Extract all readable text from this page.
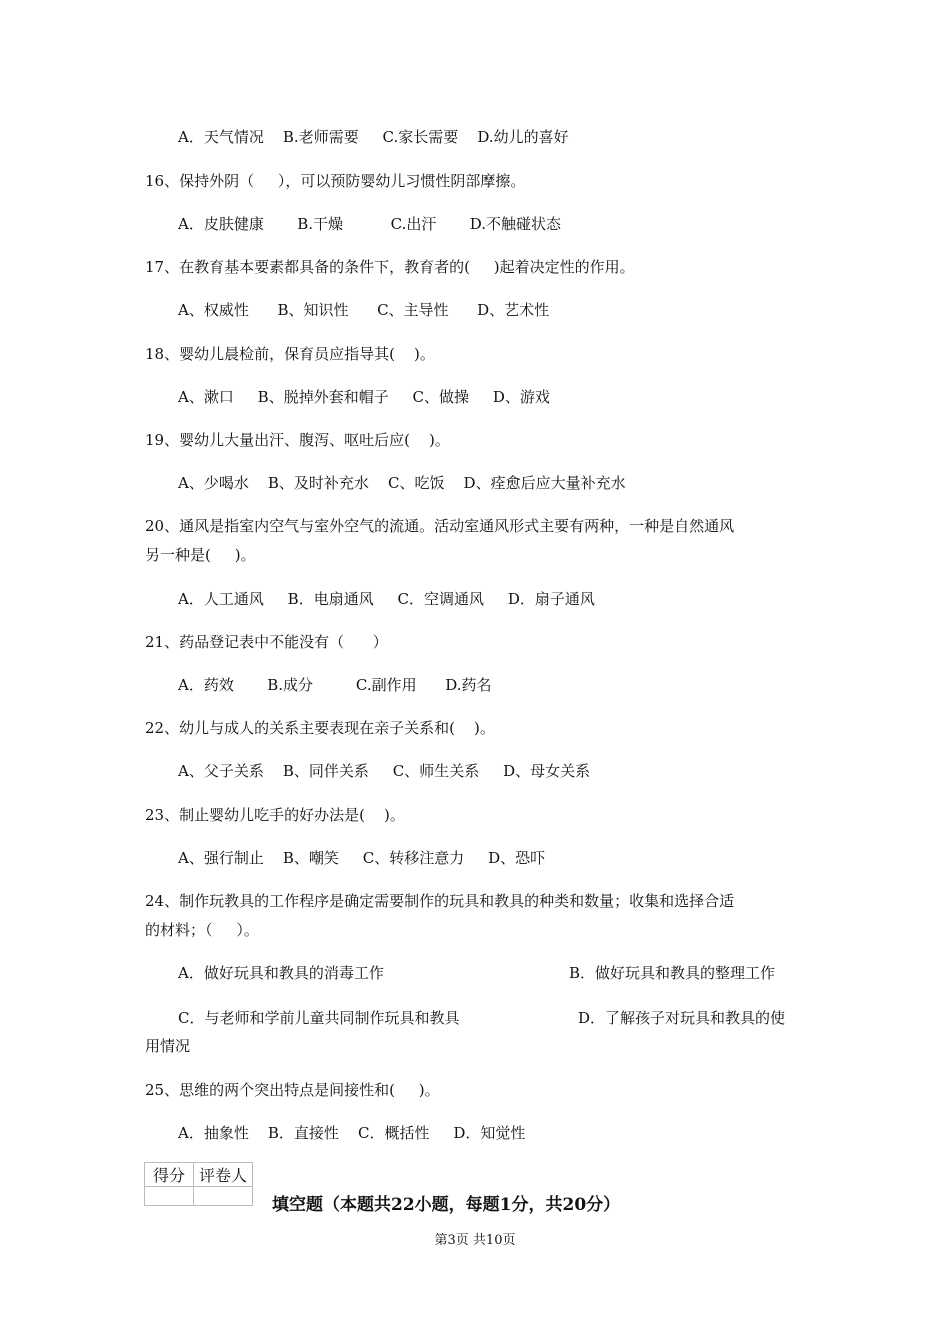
A．天气情况    B.老师需要     C.家长需要    D.幼儿的喜好
16、保持外阴（     ），可以预防婴幼儿习惯性阴部摩擦。
A．皮肤健康       B.干燥          C.出汗       D.不触碰状态
17、在教育基本要素都具备的条件下，教育者的(     )起着决定性的作用。
A、权威性      B、知识性      C、主导性      D、艺术性
18、婴幼儿晨检前，保育员应指导其(    )。
A、漱口     B、脱掉外套和帽子     C、做操     D、游戏
19、婴幼儿大量出汗、腹泻、呕吐后应(    )。
A、少喝水    B、及时补充水    C、吃饭    D、痊愈后应大量补充水
20、通风是指室内空气与室外空气的流通。活动室通风形式主要有两种，一种是自然通风
另一种是(     )。
A．人工通风     B．电扇通风     C．空调通风     D．扇子通风
21、药品登记表中不能没有（      ）
A．药效       B.成分         C.副作用      D.药名
22、幼儿与成人的关系主要表现在亲子关系和(    )。
A、父子关系    B、同伴关系     C、师生关系     D、母女关系
23、制止婴幼儿吃手的好办法是(    )。
A、强行制止    B、嘲笑     C、转移注意力     D、恐吓
24、制作玩教具的工作程序是确定需要制作的玩具和教具的种类和数量；收集和选择合适
的材料；（     ）。
A．做好玩具和教具的消毒工作	B．做好玩具和教具的整理工作
C．与老师和学前儿童共同制作玩具和教具	D．了解孩子对玩具和教具的使
用情况
25、思维的两个突出特点是间接性和(     )。
A．抽象性    B．直接性    C．概括性     D．知觉性
得分	评卷人

填空题（本题共22小题，每题1分，共20分）
第3页 共10页
